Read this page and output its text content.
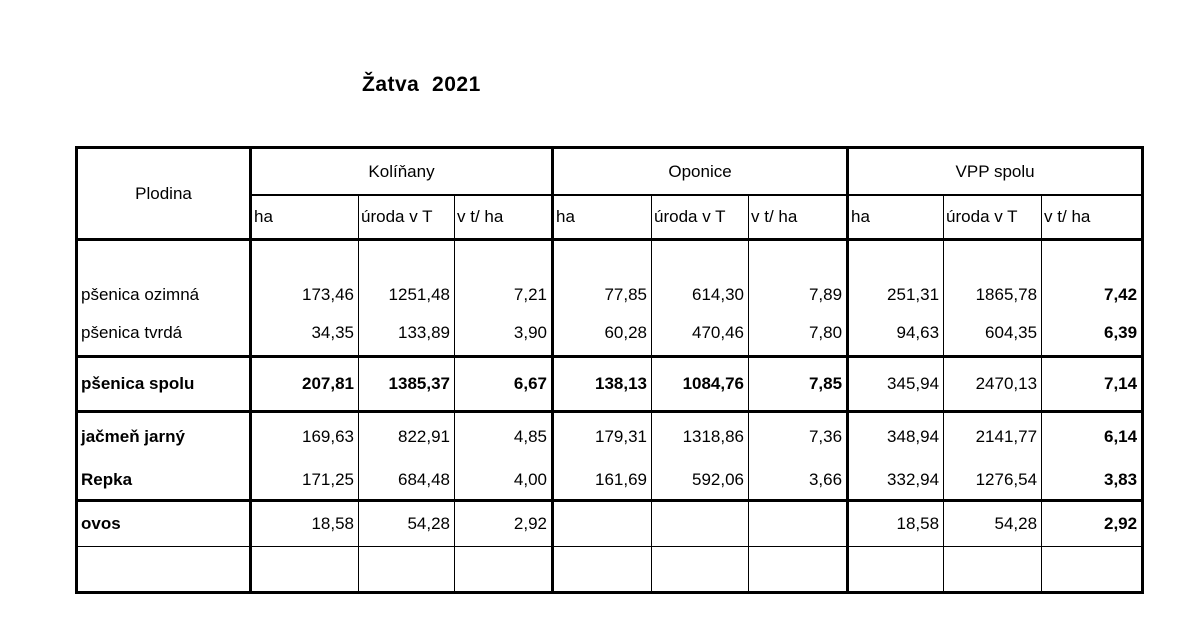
Žatva  2021
Plodina	Kolíňany			Oponice			VPP spolu		
	ha	úroda v T	v t/ ha	ha	úroda v T	v t/ ha	ha	úroda v T	v t/ ha
pšenica ozimná	173,46	1251,48	7,21	77,85	614,30	7,89	251,31	1865,78	7,42
pšenica tvrdá	34,35	133,89	3,90	60,28	470,46	7,80	94,63	604,35	6,39
pšenica spolu	207,81	1385,37	6,67	138,13	1084,76	7,85	345,94	2470,13	7,14
jačmeň jarný	169,63	822,91	4,85	179,31	1318,86	7,36	348,94	2141,77	6,14
Repka	171,25	684,48	4,00	161,69	592,06	3,66	332,94	1276,54	3,83
ovos	18,58	54,28	2,92				18,58	54,28	2,92
